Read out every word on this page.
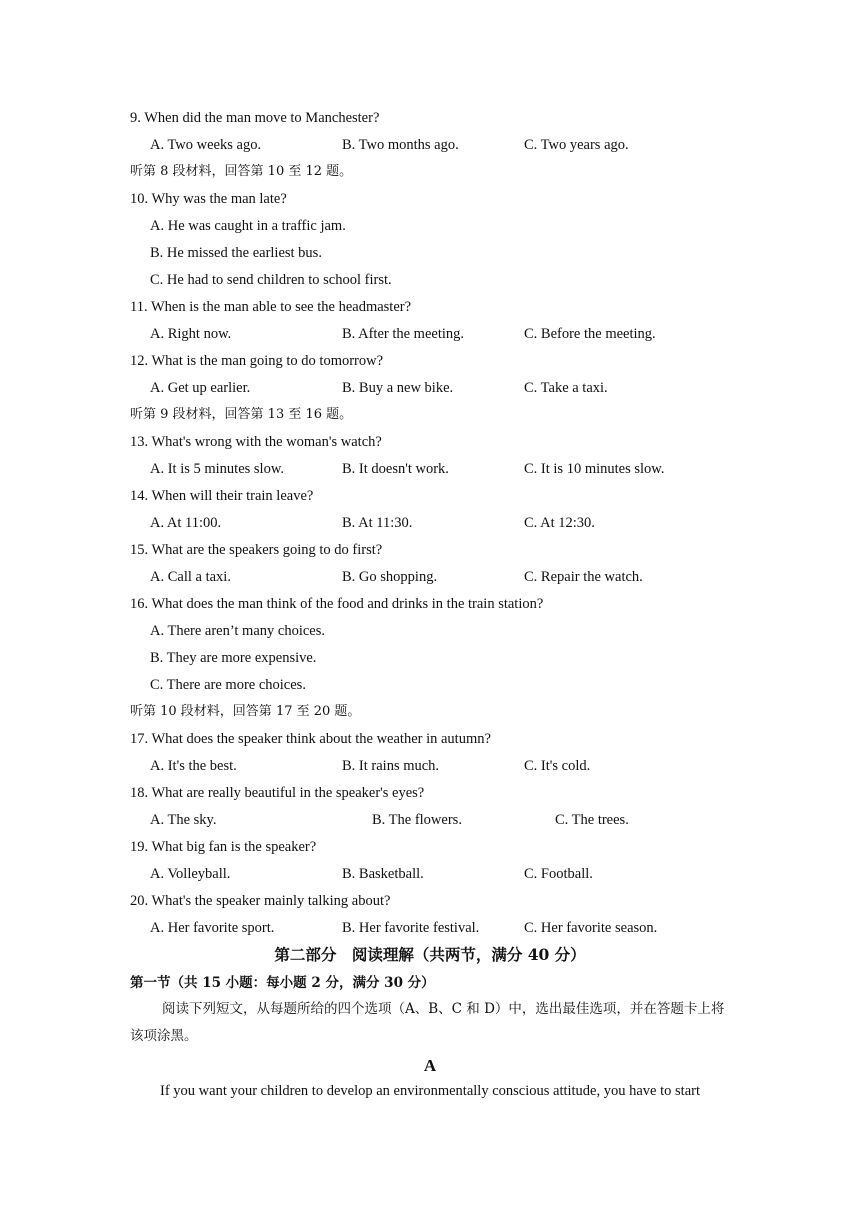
9. When did the man move to Manchester?
A. Two weeks ago.	B. Two months ago.	C. Two years ago.
听第 8 段材料，回答第 10 至 12 题。
10. Why was the man late?
A. He was caught in a traffic jam.
B. He missed the earliest bus.
C. He had to send children to school first.
11. When is the man able to see the headmaster?
A. Right now.	B. After the meeting.	C. Before the meeting.
12. What is the man going to do tomorrow?
A. Get up earlier.	B. Buy a new bike.	C. Take a taxi.
听第 9 段材料，回答第 13 至 16 题。
13. What's wrong with the woman's watch?
A. It is 5 minutes slow.	B. It doesn't work.	C. It is 10 minutes slow.
14. When will their train leave?
A. At 11:00.	B. At 11:30.	C. At 12:30.
15. What are the speakers going to do first?
A. Call a taxi.	B. Go shopping.	C. Repair the watch.
16. What does the man think of the food and drinks in the train station?
A. There aren’t many choices.
B. They are more expensive.
C. There are more choices.
听第 10 段材料，回答第 17 至 20 题。
17. What does the speaker think about the weather in autumn?
A. It's the best.	B. It rains much.	C. It's cold.
18. What are really beautiful in the speaker's eyes?
A. The sky.	B. The flowers.	C. The trees.
19. What big fan is the speaker?
A. Volleyball.	B. Basketball.	C. Football.
20. What's the speaker mainly talking about?
A. Her favorite sport.	B. Her favorite festival.	C. Her favorite season.
第二部分　阅读理解（共两节，满分 40 分）
第一节（共 15 小题：每小题 2 分，满分 30 分）
阅读下列短文，从每题所给的四个选项（A、B、C 和 D）中，选出最佳选项，并在答题卡上将该项涂黑。
A
If you want your children to develop an environmentally conscious attitude, you have to start
